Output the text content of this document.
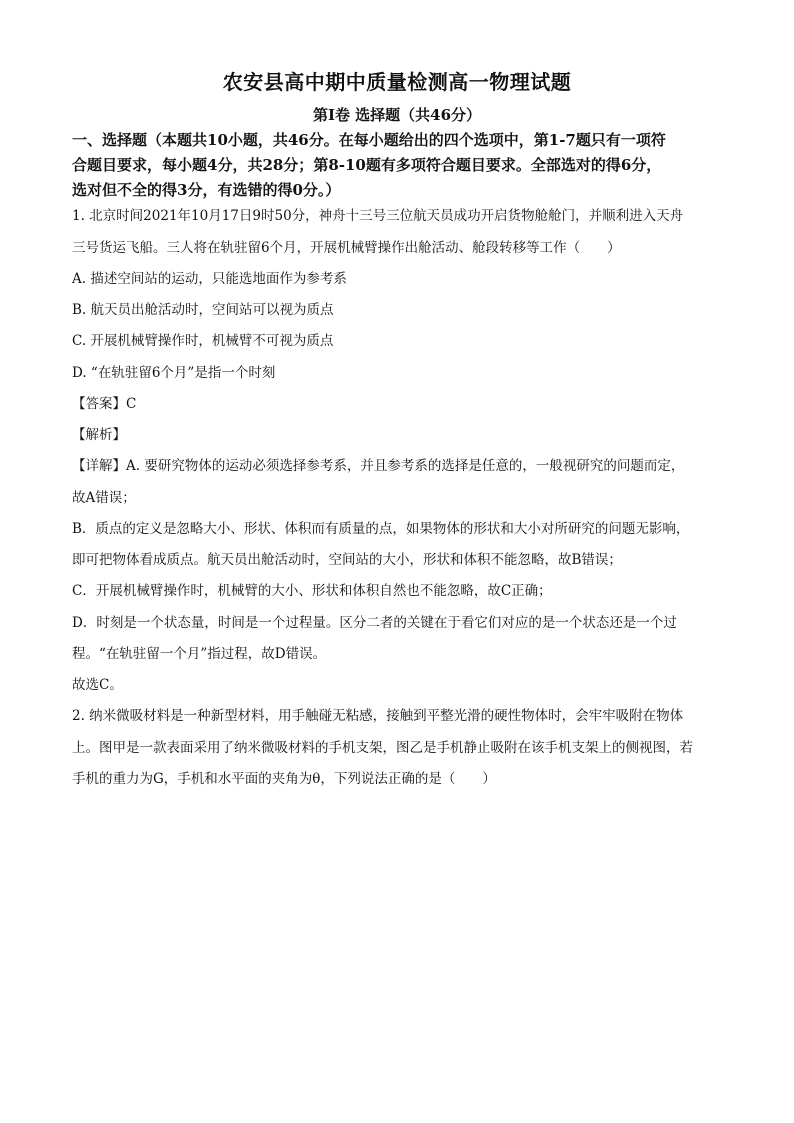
农安县高中期中质量检测高一物理试题
第Ⅰ卷 选择题（共46分）
一、选择题（本题共10小题，共46分。在每小题给出的四个选项中，第1-7题只有一项符
合题目要求，每小题4分，共28分；第8-10题有多项符合题目要求。全部选对的得6分，
选对但不全的得3分，有选错的得0分。）
1. 北京时间2021年10月17日9时50分，神舟十三号三位航天员成功开启货物舱舱门，并顺利进入天舟
三号货运飞船。三人将在轨驻留6个月，开展机械臂操作出舱活动、舱段转移等工作（　　）
A. 描述空间站的运动，只能选地面作为参考系
B. 航天员出舱活动时，空间站可以视为质点
C. 开展机械臂操作时，机械臂不可视为质点
D. “在轨驻留6个月”是指一个时刻
【答案】C
【解析】
【详解】A. 要研究物体的运动必须选择参考系，并且参考系的选择是任意的，一般视研究的问题而定，
故A错误；
B．质点的定义是忽略大小、形状、体积而有质量的点，如果物体的形状和大小对所研究的问题无影响，
即可把物体看成质点。航天员出舱活动时，空间站的大小，形状和体积不能忽略，故B错误；
C．开展机械臂操作时，机械臂的大小、形状和体积自然也不能忽略，故C正确；
D．时刻是一个状态量，时间是一个过程量。区分二者的关键在于看它们对应的是一个状态还是一个过
程。“在轨驻留一个月”指过程，故D错误。
故选C。
2. 纳米微吸材料是一种新型材料，用手触碰无粘感，接触到平整光滑的硬性物体时，会牢牢吸附在物体
上。图甲是一款表面采用了纳米微吸材料的手机支架，图乙是手机静止吸附在该手机支架上的侧视图，若
手机的重力为G，手机和水平面的夹角为θ，下列说法正确的是（　　）
